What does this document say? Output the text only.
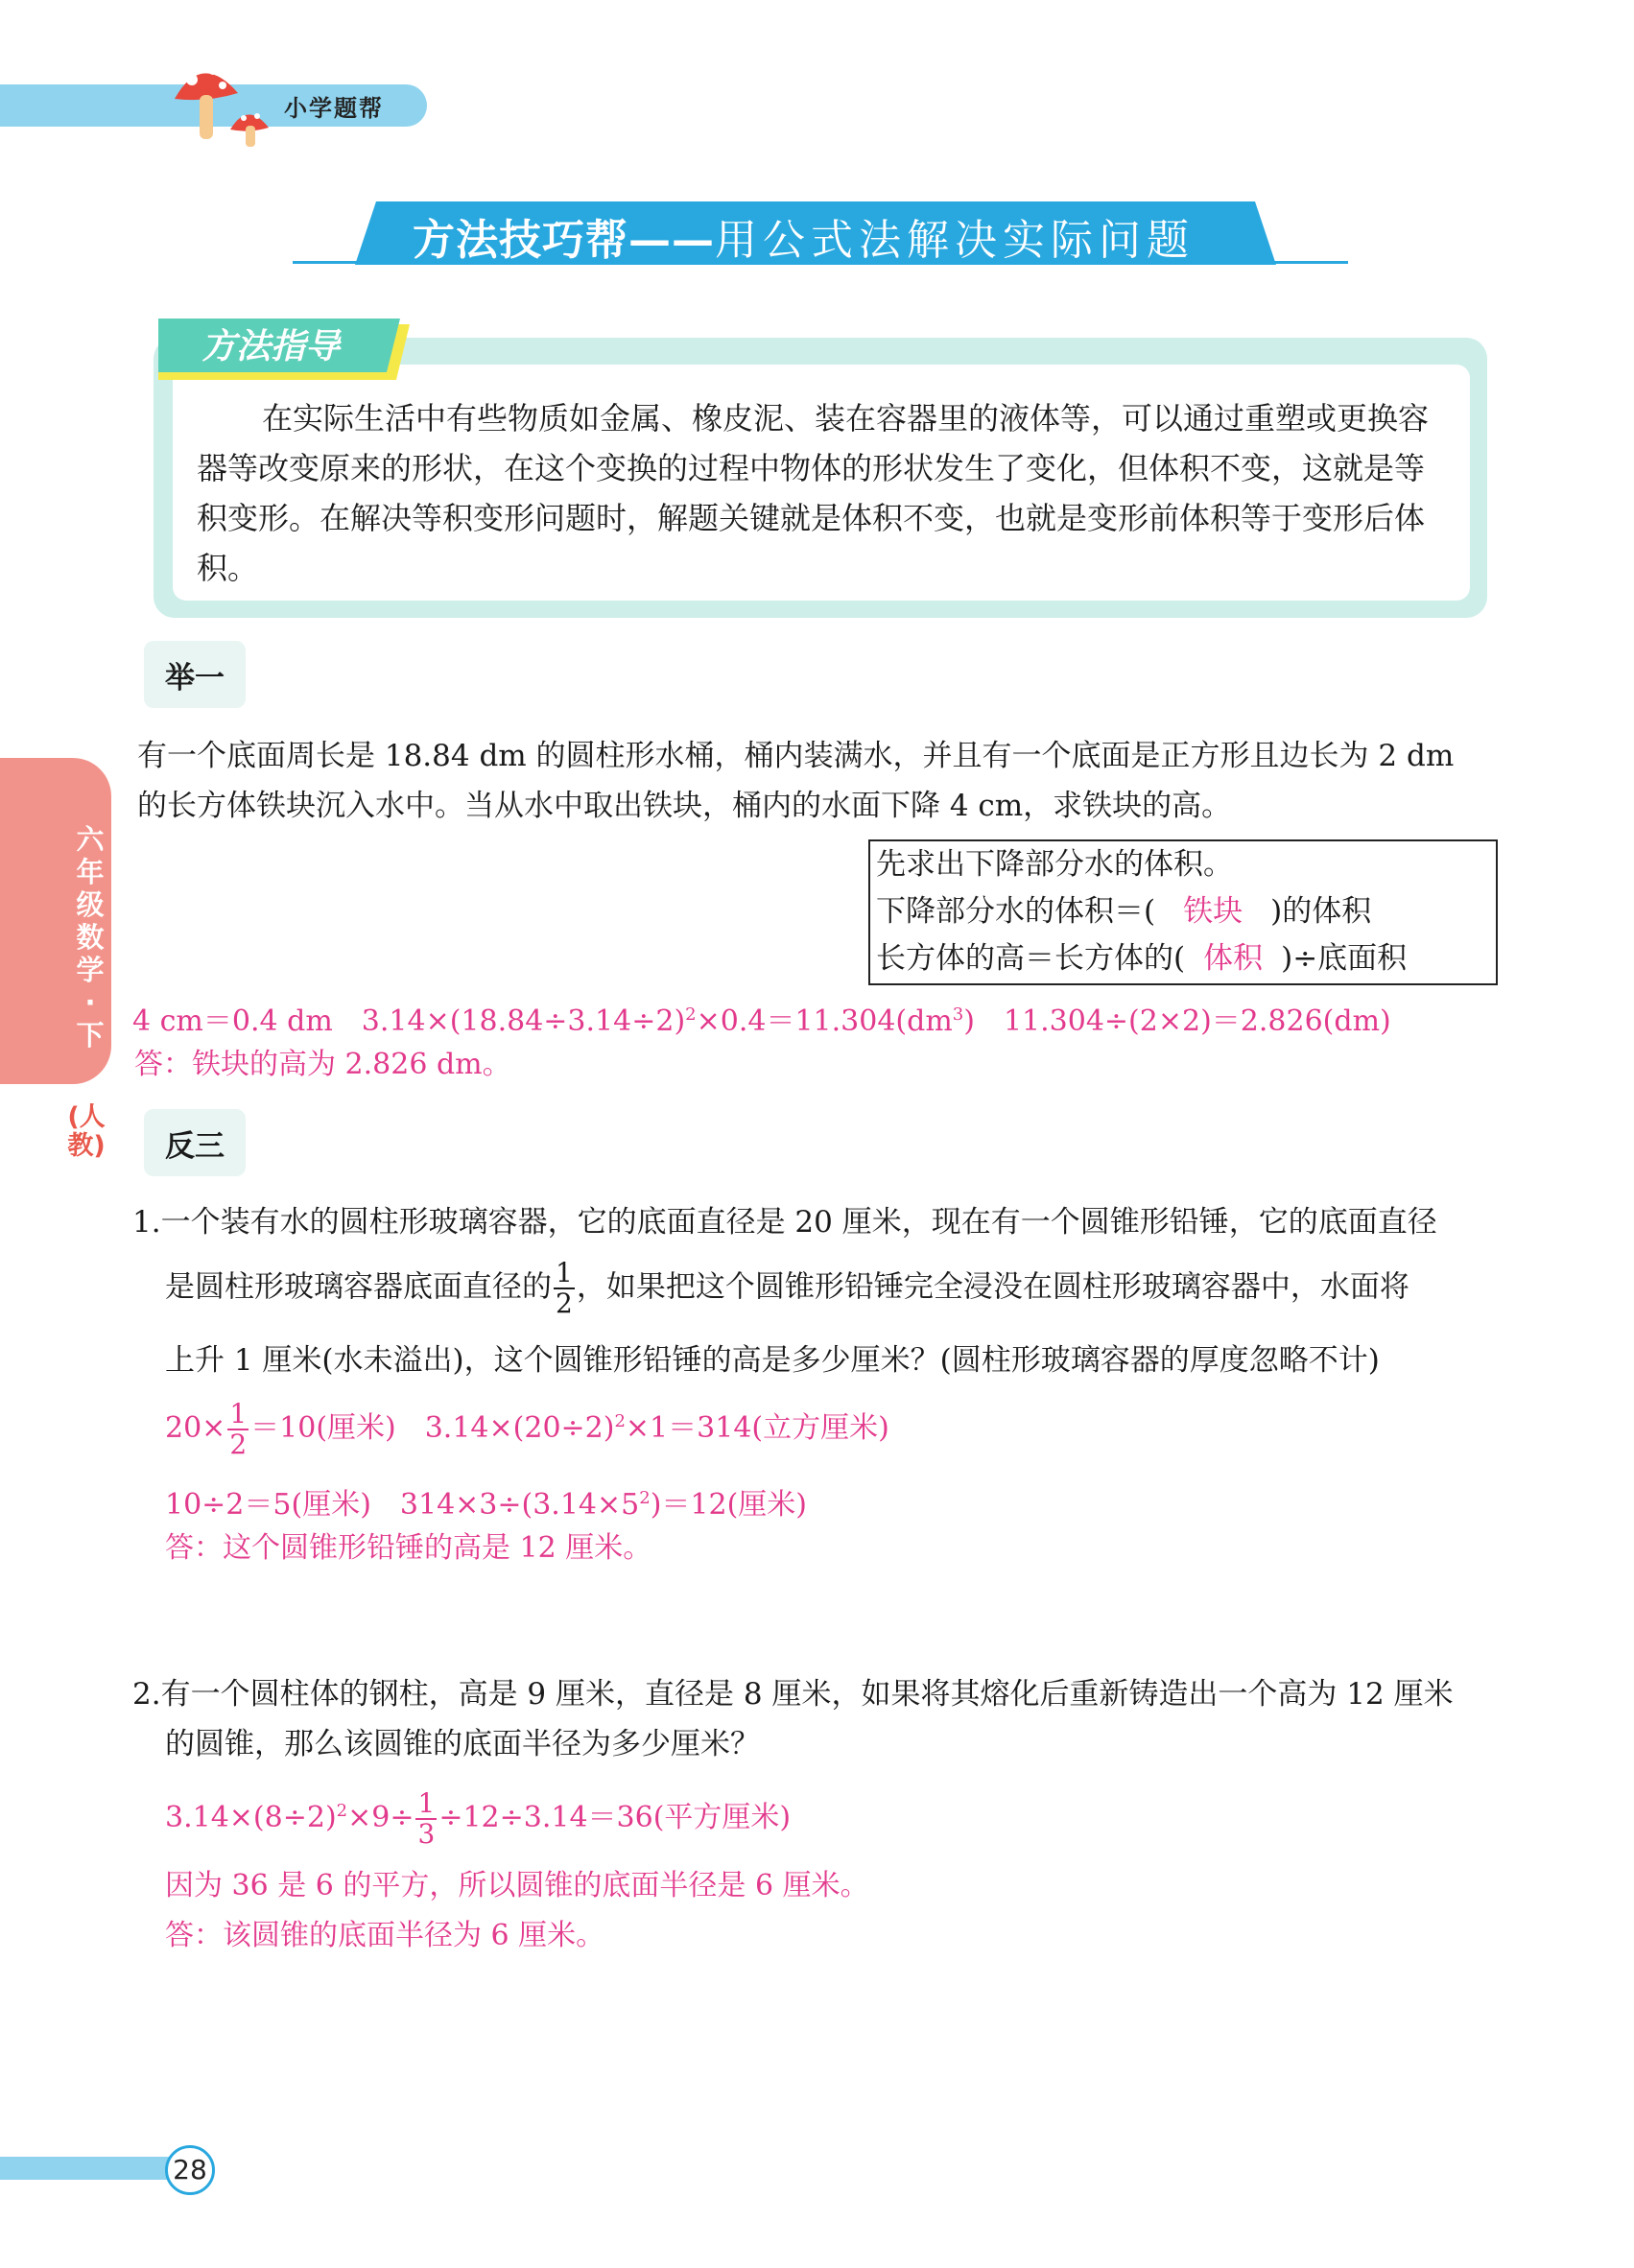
小学题帮
方法技巧帮——用公式法解决实际问题
方法指导
在实际生活中有些物质如金属、橡皮泥、装在容器里的液体等，可以通过重塑或更换容器等改变原来的形状，在这个变换的过程中物体的形状发生了变化，但体积不变，这就是等积变形。在解决等积变形问题时，解题关键就是体积不变，也就是变形前体积等于变形后体积。
六年级数学·下
(人教)
举一
有一个底面周长是 18.84 dm 的圆柱形水桶，桶内装满水，并且有一个底面是正方形且边长为 2 dm
的长方体铁块沉入水中。当从水中取出铁块，桶内的水面下降 4 cm，求铁块的高。
先求出下降部分水的体积。
下降部分水的体积＝( 铁块 )的体积
长方体的高＝长方体的( 体积 )÷底面积
4 cm＝0.4 dm　$3.14\times(18.84\div 3.14\div 2)^2\times 0.4=11.304(dm^3)$　11.304÷(2×2)＝2.826(dm)
答：铁块的高为 2.826 dm。
反三
1.一个装有水的圆柱形玻璃容器，它的底面直径是 20 厘米，现在有一个圆锥形铅锤，它的底面直径
是圆柱形玻璃容器底面直径的 $\frac{1}{2}$ ，如果把这个圆锥形铅锤完全浸没在圆柱形玻璃容器中，水面将
上升 1 厘米(水未溢出)，这个圆锥形铅锤的高是多少厘米？(圆柱形玻璃容器的厚度忽略不计)
$20\times \frac{1}{2} =10$(厘米)　$3.14\times(20\div 2)^2\times 1=314$(立方厘米)
10÷2＝5(厘米)　$314\times 3\div(3.14\times 5^2)=12$(厘米)
答：这个圆锥形铅锤的高是 12 厘米。
2.有一个圆柱体的钢柱，高是 9 厘米，直径是 8 厘米，如果将其熔化后重新铸造出一个高为 12 厘米
的圆锥，那么该圆锥的底面半径为多少厘米？
$3.14\times(8\div 2)^2\times 9\div \frac{1}{3} \div 12\div 3.14=36$(平方厘米)
因为 36 是 6 的平方，所以圆锥的底面半径是 6 厘米。
答：该圆锥的底面半径为 6 厘米。
28
